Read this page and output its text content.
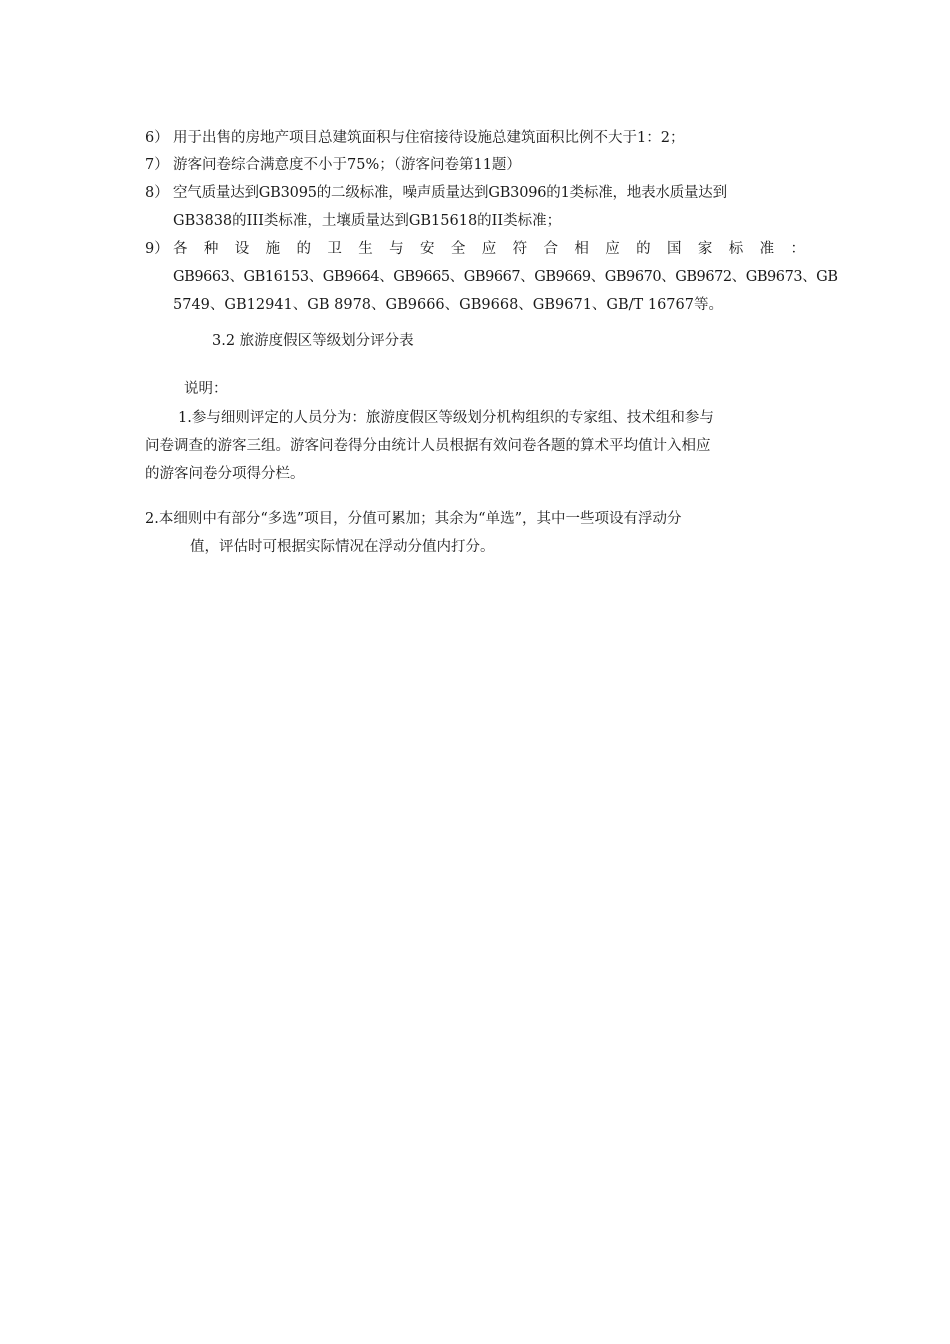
6） 用于出售的房地产项目总建筑面积与住宿接待设施总建筑面积比例不大于1：2；
7） 游客问卷综合满意度不小于75%；（游客问卷第11题）
8） 空气质量达到GB3095的二级标准，噪声质量达到GB3096的1类标准，地表水质量达到
GB3838的III类标准，土壤质量达到GB15618的II类标准；
9） 各 种 设 施 的 卫 生 与 安 全 应 符 合 相 应 的 国 家 标 准 ：
GB9663、GB16153、GB9664、GB9665、GB9667、GB9669、GB9670、GB9672、GB9673、GB
5749、GB12941、GB 8978、GB9666、GB9668、GB9671、GB/T 16767等。
3.2 旅游度假区等级划分评分表
说明：
1.参与细则评定的人员分为：旅游度假区等级划分机构组织的专家组、技术组和参与
问卷调查的游客三组。游客问卷得分由统计人员根据有效问卷各题的算术平均值计入相应
的游客问卷分项得分栏。
2.本细则中有部分“多选”项目，分值可累加；其余为“单选”，其中一些项设有浮动分
值，评估时可根据实际情况在浮动分值内打分。
